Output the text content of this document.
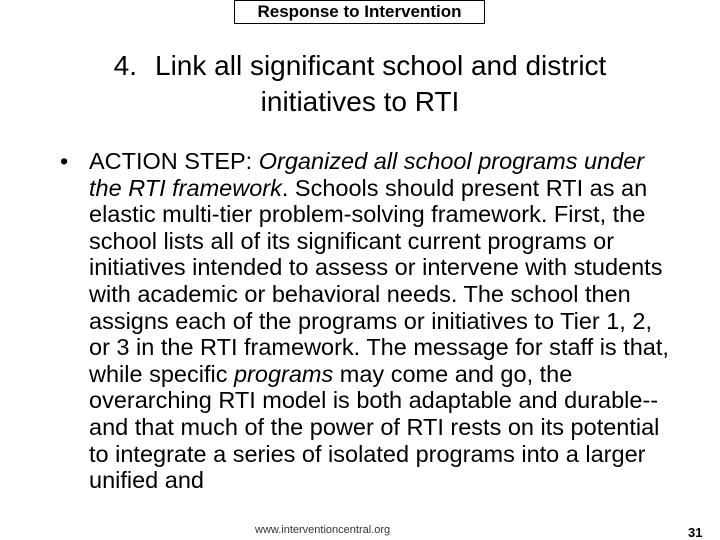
Response to Intervention
4. Link all significant school and district
initiatives to RTI
• ACTION STEP: Organized all school programs under the RTI framework. Schools should present RTI as an elastic multi-tier problem-solving framework. First, the school lists all of its significant current programs or initiatives intended to assess or intervene with students with academic or behavioral needs. The school then assigns each of the programs or initiatives to Tier 1, 2, or 3 in the RTI framework. The message for staff is that, while specific programs may come and go, the overarching RTI model is both adaptable and durable--and that much of the power of RTI rests on its potential to integrate a series of isolated programs into a larger unified and
www.interventioncentral.org	31
